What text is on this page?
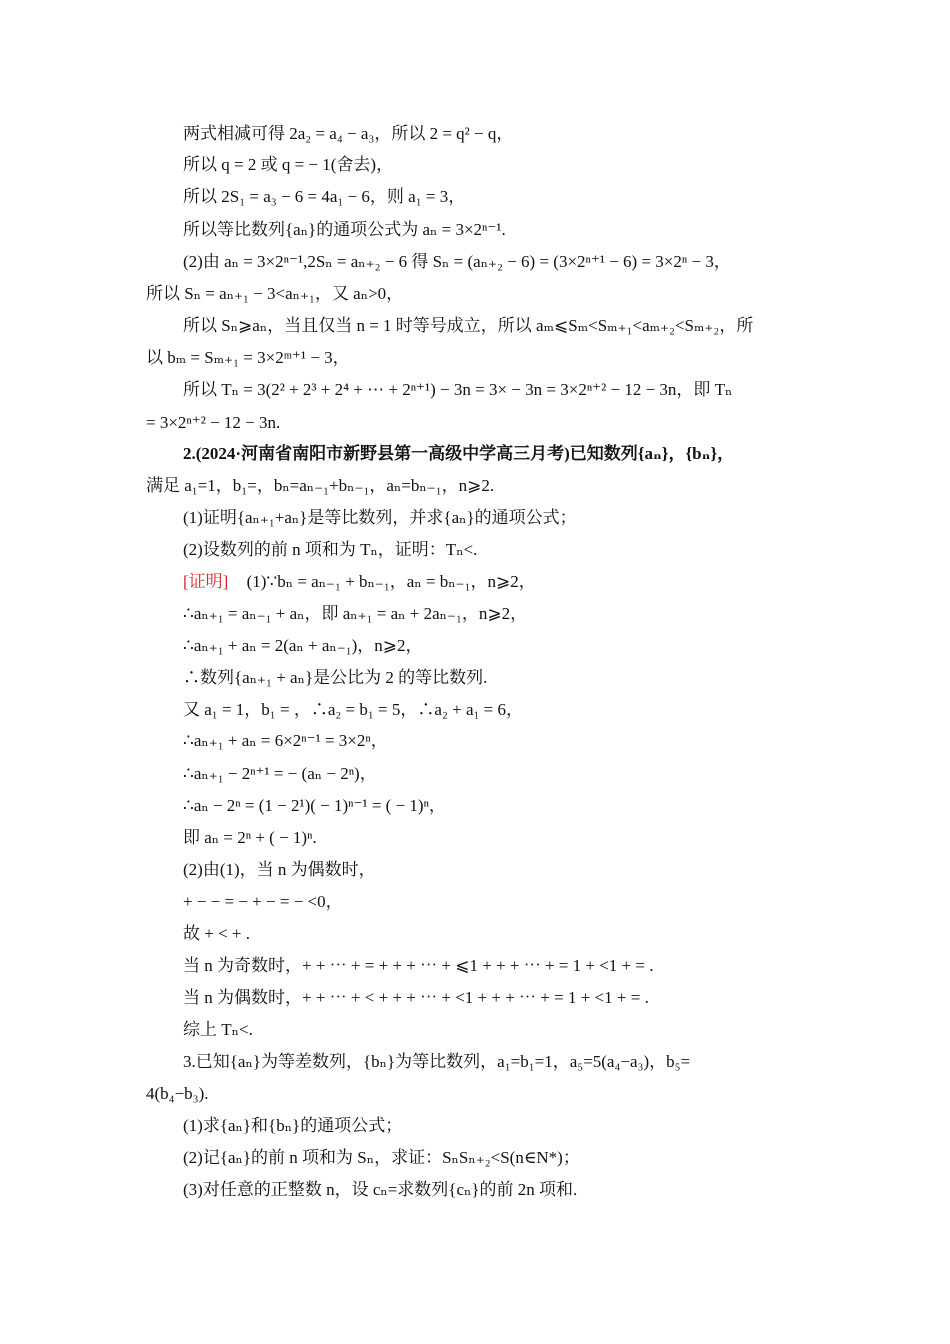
两式相减可得 2a₂ = a₄ − a₃，所以 2 = q² − q，
所以 q = 2 或 q = − 1(舍去)，
所以 2S₁ = a₃ − 6 = 4a₁ − 6，则 a₁ = 3，
所以等比数列{aₙ}的通项公式为 aₙ = 3×2ⁿ⁻¹.
(2)由 aₙ = 3×2ⁿ⁻¹,2Sₙ = aₙ₊₂ − 6 得 Sₙ = (aₙ₊₂ − 6) = (3×2ⁿ⁺¹ − 6) = 3×2ⁿ − 3，
所以 Sₙ = aₙ₊₁ − 3<aₙ₊₁，又 aₙ>0，
所以 Sₙ⩾aₙ，当且仅当 n = 1 时等号成立，所以 aₘ⩽Sₘ<Sₘ₊₁<aₘ₊₂<Sₘ₊₂，所
以 bₘ = Sₘ₊₁ = 3×2ᵐ⁺¹ − 3，
所以 Tₙ = 3(2² + 2³ + 2⁴ + ⋯ + 2ⁿ⁺¹) − 3n = 3× − 3n = 3×2ⁿ⁺² − 12 − 3n，即 Tₙ
= 3×2ⁿ⁺² − 12 − 3n.
2.(2024·河南省南阳市新野县第一高级中学高三月考)已知数列{aₙ}，{bₙ}，
满足 a₁=1，b₁=，bₙ=aₙ₋₁+bₙ₋₁，aₙ=bₙ₋₁，n⩾2.
(1)证明{aₙ₊₁+aₙ}是等比数列，并求{aₙ}的通项公式；
(2)设数列的前 n 项和为 Tₙ，证明：Tₙ<.
[证明] (1)∵bₙ = aₙ₋₁ + bₙ₋₁，aₙ = bₙ₋₁，n⩾2，
∴aₙ₊₁ = aₙ₋₁ + aₙ，即 aₙ₊₁ = aₙ + 2aₙ₋₁，n⩾2，
∴aₙ₊₁ + aₙ = 2(aₙ + aₙ₋₁)，n⩾2，
∴数列{aₙ₊₁ + aₙ}是公比为 2 的等比数列.
又 a₁ = 1，b₁ = ，∴a₂ = b₁ = 5，∴a₂ + a₁ = 6，
∴aₙ₊₁ + aₙ = 6×2ⁿ⁻¹ = 3×2ⁿ，
∴aₙ₊₁ − 2ⁿ⁺¹ = − (aₙ − 2ⁿ)，
∴aₙ − 2ⁿ = (1 − 2¹)( − 1)ⁿ⁻¹ = ( − 1)ⁿ，
即 aₙ = 2ⁿ + ( − 1)ⁿ.
(2)由(1)，当 n 为偶数时，
+ − − = − + − = − <0，
故 + < + .
当 n 为奇数时，+ + ⋯ + = + + + ⋯ + ⩽1 + + + ⋯ + = 1 + <1 + = .
当 n 为偶数时，+ + ⋯ + < + + + ⋯ + <1 + + + ⋯ + = 1 + <1 + = .
综上 Tₙ<.
3.已知{aₙ}为等差数列，{bₙ}为等比数列，a₁=b₁=1，a₅=5(a₄−a₃)，b₅=
4(b₄−b₃).
(1)求{aₙ}和{bₙ}的通项公式；
(2)记{aₙ}的前 n 项和为 Sₙ，求证：SₙSₙ₊₂<S(n∈N*)；
(3)对任意的正整数 n，设 cₙ=求数列{cₙ}的前 2n 项和.
